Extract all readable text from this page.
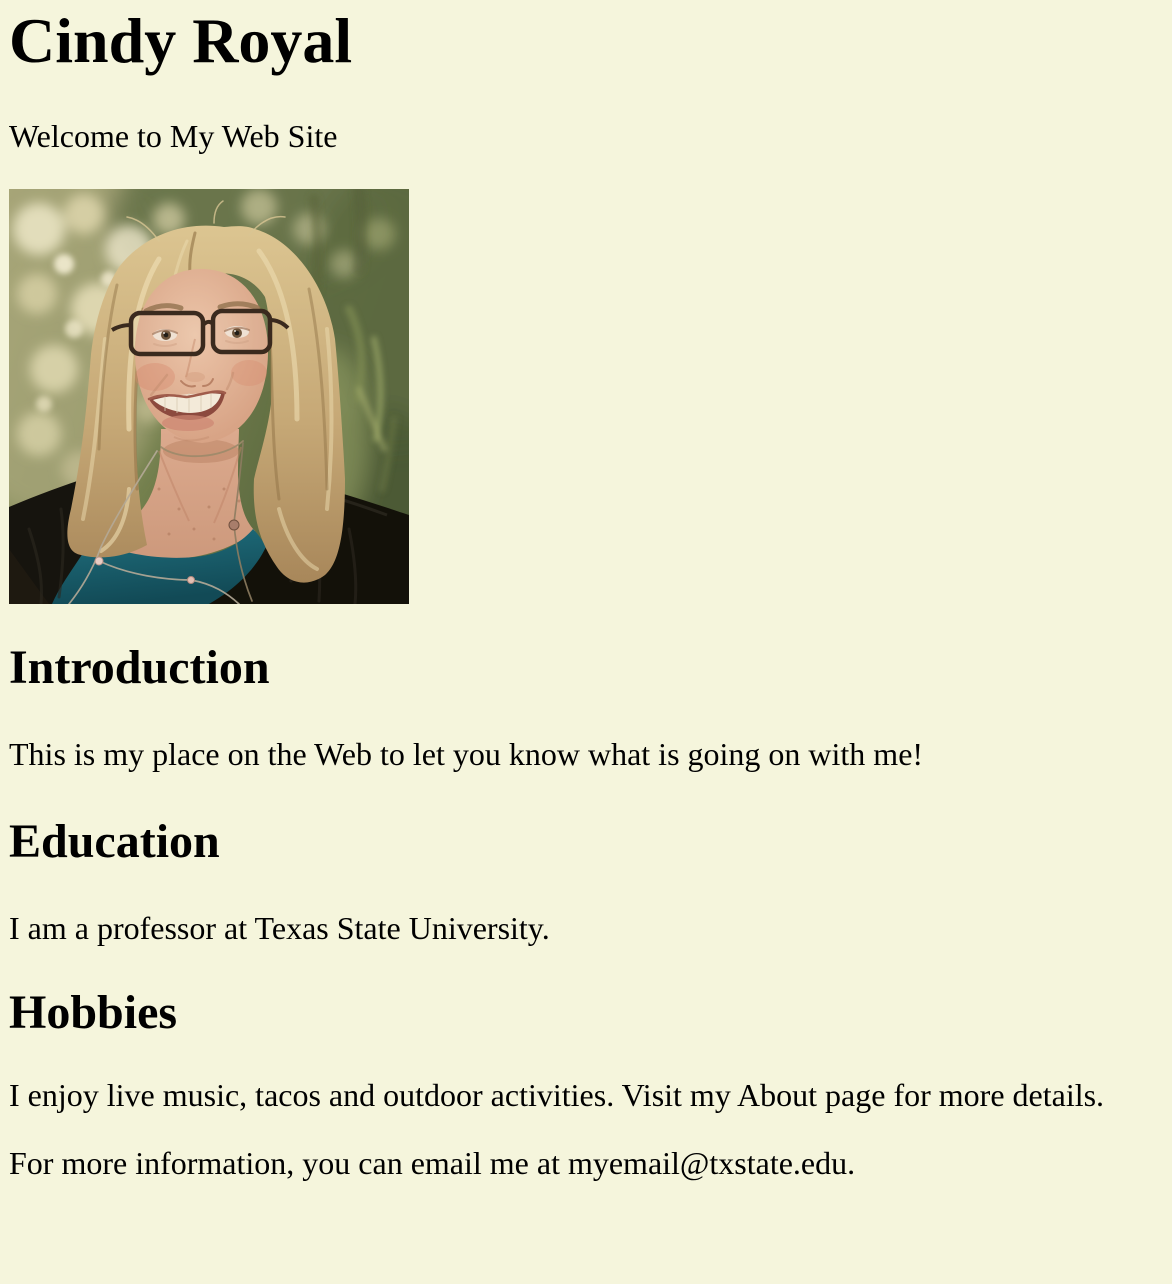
Cindy Royal

Welcome to My Web Site

Introduction

This is my place on the Web to let you know what is going on with me!

Education

I am a professor at Texas State University.

Hobbies

I enjoy live music, tacos and outdoor activities. Visit my About page for more details.

For more information, you can email me at myemail@txstate.edu.
